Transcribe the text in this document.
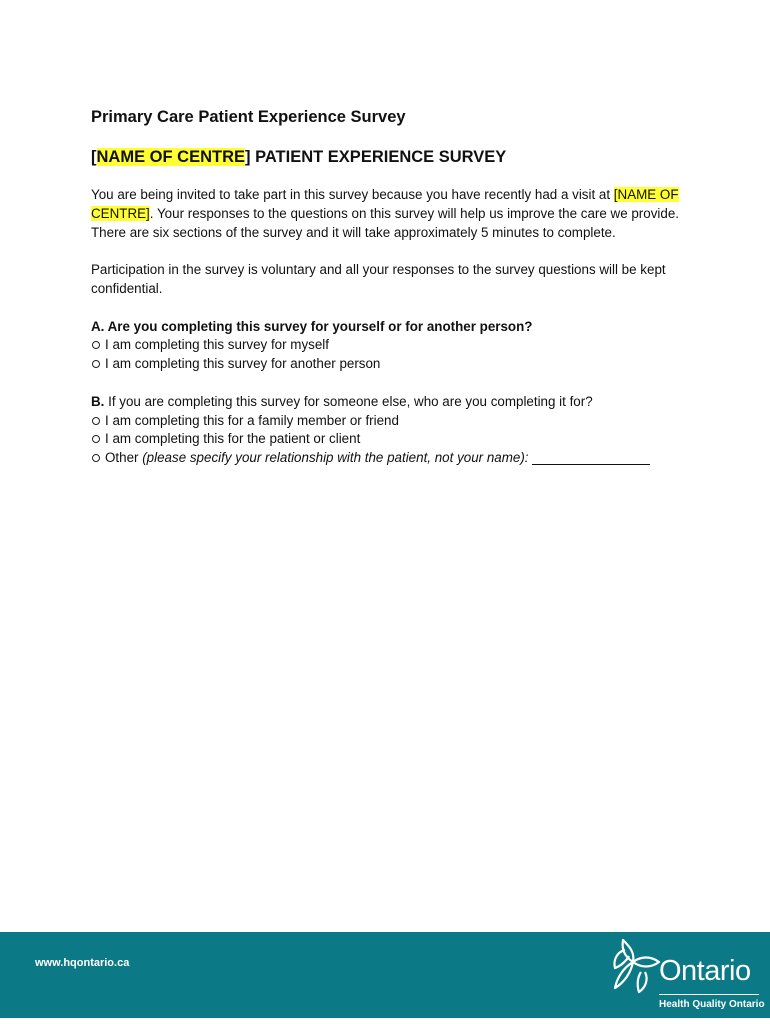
Primary Care Patient Experience Survey
[NAME OF CENTRE] PATIENT EXPERIENCE SURVEY

You are being invited to take part in this survey because you have recently had a visit at [NAME OF CENTRE]. Your responses to the questions on this survey will help us improve the care we provide. There are six sections of the survey and it will take approximately 5 minutes to complete.

Participation in the survey is voluntary and all your responses to the survey questions will be kept confidential.

A. Are you completing this survey for yourself or for another person?
I am completing this survey for myself
I am completing this survey for another person
B. If you are completing this survey for someone else, who are you completing it for?
I am completing this for a family member or friend
I am completing this for the patient or client
Other (please specify your relationship with the patient, not your name):
www.hqontario.ca	Ontario
Health Quality Ontario
